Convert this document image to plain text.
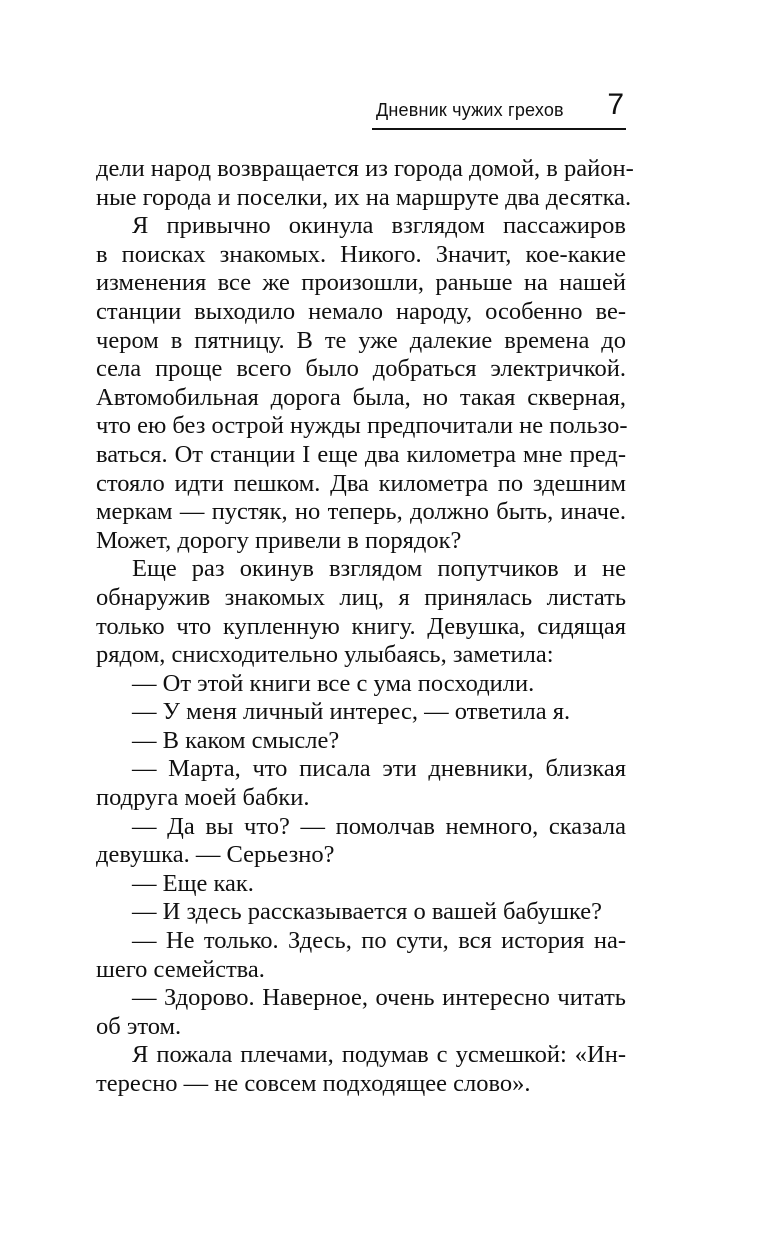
Дневник чужих грехов 7
дели народ возвращается из города домой, в район-
ные города и поселки, их на маршруте два десятка.
Я привычно окинула взглядом пассажиров
в поисках знакомых. Никого. Значит, кое-какие
изменения все же произошли, раньше на нашей
станции выходило немало народу, особенно ве-
чером в пятницу. В те уже далекие времена до
села проще всего было добраться электричкой.
Автомобильная дорога была, но такая скверная,
что ею без острой нужды предпочитали не пользо-
ваться. От станции I еще два километра мне пред-
стояло идти пешком. Два километра по здешним
меркам — пустяк, но теперь, должно быть, иначе.
Может, дорогу привели в порядок?
Еще раз окинув взглядом попутчиков и не
обнаружив знакомых лиц, я принялась листать
только что купленную книгу. Девушка, сидящая
рядом, снисходительно улыбаясь, заметила:
— От этой книги все с ума посходили.
— У меня личный интерес, — ответила я.
— В каком смысле?
— Марта, что писала эти дневники, близкая
подруга моей бабки.
— Да вы что? — помолчав немного, сказала
девушка. — Серьезно?
— Еще как.
— И здесь рассказывается о вашей бабушке?
— Не только. Здесь, по сути, вся история на-
шего семейства.
— Здорово. Наверное, очень интересно читать
об этом.
Я пожала плечами, подумав с усмешкой: «Ин-
тересно — не совсем подходящее слово».
